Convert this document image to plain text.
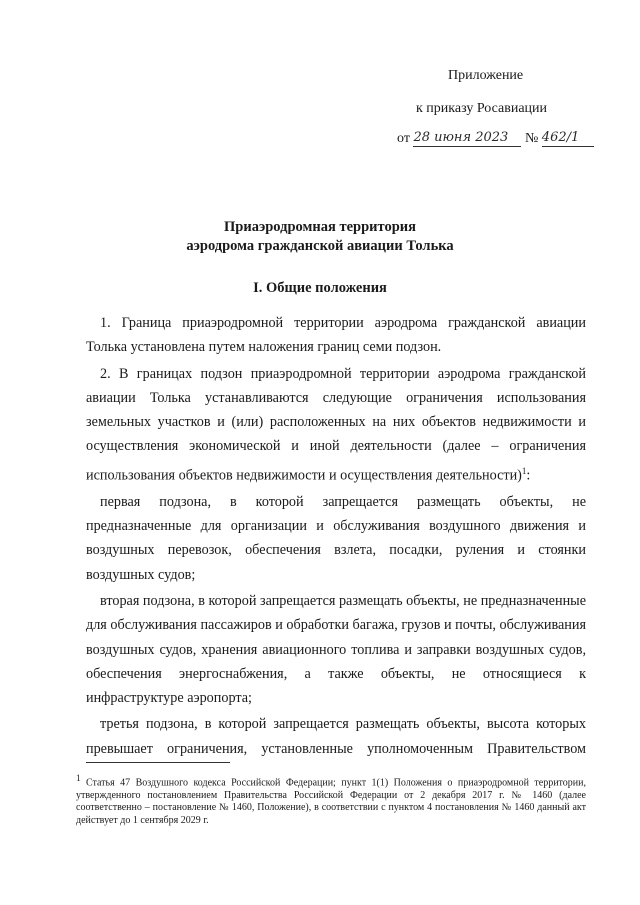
Приложение
к приказу Росавиации
от 28 июня 2023 № 462/1
Приаэродромная территория
аэродрома гражданской авиации Толька
I. Общие положения

1. Граница приаэродромной территории аэродрома гражданской авиации Толька установлена путем наложения границ семи подзон.

2. В границах подзон приаэродромной территории аэродрома гражданской авиации Толька устанавливаются следующие ограничения использования земельных участков и (или) расположенных на них объектов недвижимости и осуществления экономической и иной деятельности (далее – ограничения использования объектов недвижимости и осуществления деятельности)$^1$:

первая подзона, в которой запрещается размещать объекты, не предназначенные для организации и обслуживания воздушного движения и воздушных перевозок, обеспечения взлета, посадки, руления и стоянки воздушных судов;

вторая подзона, в которой запрещается размещать объекты, не предназначенные для обслуживания пассажиров и обработки багажа, грузов и почты, обслуживания воздушных судов, хранения авиационного топлива и заправки воздушных судов, обеспечения энергоснабжения, а также объекты, не относящиеся к инфраструктуре аэропорта;

третья подзона, в которой запрещается размещать объекты, высота которых превышает ограничения, установленные уполномоченным Правительством

$^1$ Статья 47 Воздушного кодекса Российской Федерации; пункт 1(1) Положения о приаэродромной территории, утвержденного постановлением Правительства Российской Федерации от 2 декабря 2017 г. № 1460 (далее соответственно – постановление № 1460, Положение), в соответствии с пунктом 4 постановления № 1460 данный акт действует до 1 сентября 2029 г.
